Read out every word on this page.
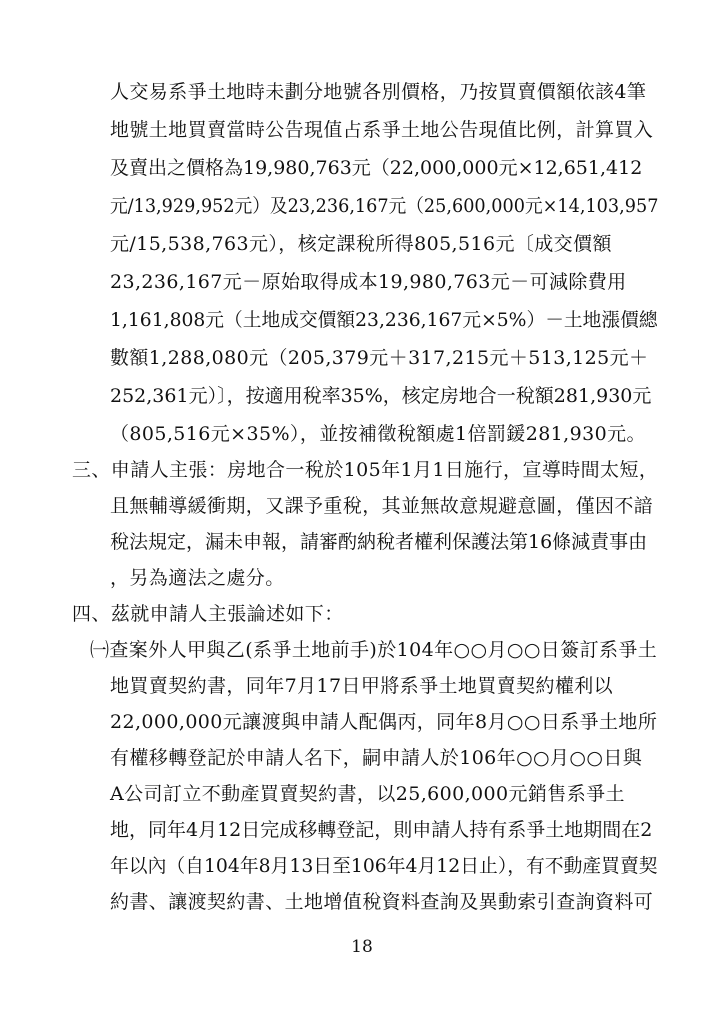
人交易系爭土地時未劃分地號各別價格，乃按買賣價額依該4筆
地號土地買賣當時公告現值占系爭土地公告現值比例，計算買入
及賣出之價格為19,980,763元（22,000,000元×12,651,412
元/13,929,952元）及23,236,167元（25,600,000元×14,103,957
元/15,538,763元），核定課稅所得805,516元〔成交價額
23,236,167元－原始取得成本19,980,763元－可減除費用
1,161,808元（土地成交價額23,236,167元×5%）－土地漲價總
數額1,288,080元（205,379元＋317,215元＋513,125元＋
252,361元）〕，按適用稅率35%，核定房地合一稅額281,930元
（805,516元×35%），並按補徵稅額處1倍罰鍰281,930元。
三、申請人主張：房地合一稅於105年1月1日施行，宣導時間太短，
且無輔導緩衝期，又課予重稅，其並無故意規避意圖，僅因不諳
稅法規定，漏未申報，請審酌納稅者權利保護法第16條減責事由
，另為適法之處分。
四、茲就申請人主張論述如下：
㈠查案外人甲與乙(系爭土地前手)於104年○○月○○日簽訂系爭土
地買賣契約書，同年7月17日甲將系爭土地買賣契約權利以
22,000,000元讓渡與申請人配偶丙，同年8月○○日系爭土地所
有權移轉登記於申請人名下，嗣申請人於106年○○月○○日與
A公司訂立不動產買賣契約書，以25,600,000元銷售系爭土
地，同年4月12日完成移轉登記，則申請人持有系爭土地期間在2
年以內（自104年8月13日至106年4月12日止），有不動產買賣契
約書、讓渡契約書、土地增值稅資料查詢及異動索引查詢資料可
18
